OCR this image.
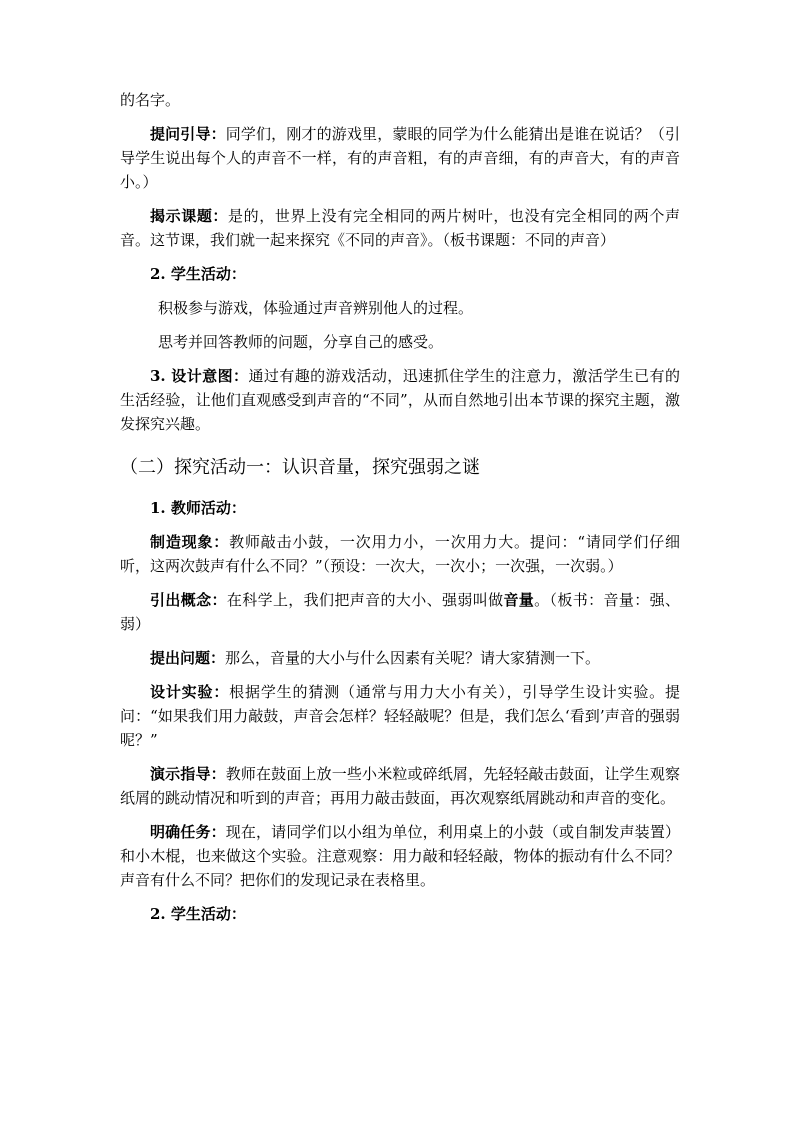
的名字。

提问引导：同学们，刚才的游戏里，蒙眼的同学为什么能猜出是谁在说话？（引导学生说出每个人的声音不一样，有的声音粗，有的声音细，有的声音大，有的声音小。）

揭示课题：是的，世界上没有完全相同的两片树叶，也没有完全相同的两个声音。这节课，我们就一起来探究《不同的声音》。（板书课题：不同的声音）

2. 学生活动：

积极参与游戏，体验通过声音辨别他人的过程。

思考并回答教师的问题，分享自己的感受。

3. 设计意图：通过有趣的游戏活动，迅速抓住学生的注意力，激活学生已有的生活经验，让他们直观感受到声音的“不同”，从而自然地引出本节课的探究主题，激发探究兴趣。

（二）探究活动一：认识音量，探究强弱之谜

1. 教师活动：

制造现象：教师敲击小鼓，一次用力小，一次用力大。提问：“请同学们仔细听，这两次鼓声有什么不同？”（预设：一次大，一次小；一次强，一次弱。）

引出概念：在科学上，我们把声音的大小、强弱叫做音量。（板书：音量：强、弱）

提出问题：那么，音量的大小与什么因素有关呢？请大家猜测一下。

设计实验：根据学生的猜测（通常与用力大小有关），引导学生设计实验。提问：“如果我们用力敲鼓，声音会怎样？轻轻敲呢？但是，我们怎么‘看到’声音的强弱呢？”

演示指导：教师在鼓面上放一些小米粒或碎纸屑，先轻轻敲击鼓面，让学生观察纸屑的跳动情况和听到的声音；再用力敲击鼓面，再次观察纸屑跳动和声音的变化。

明确任务：现在，请同学们以小组为单位，利用桌上的小鼓（或自制发声装置）和小木棍，也来做这个实验。注意观察：用力敲和轻轻敲，物体的振动有什么不同？声音有什么不同？把你们的发现记录在表格里。

2. 学生活动：
